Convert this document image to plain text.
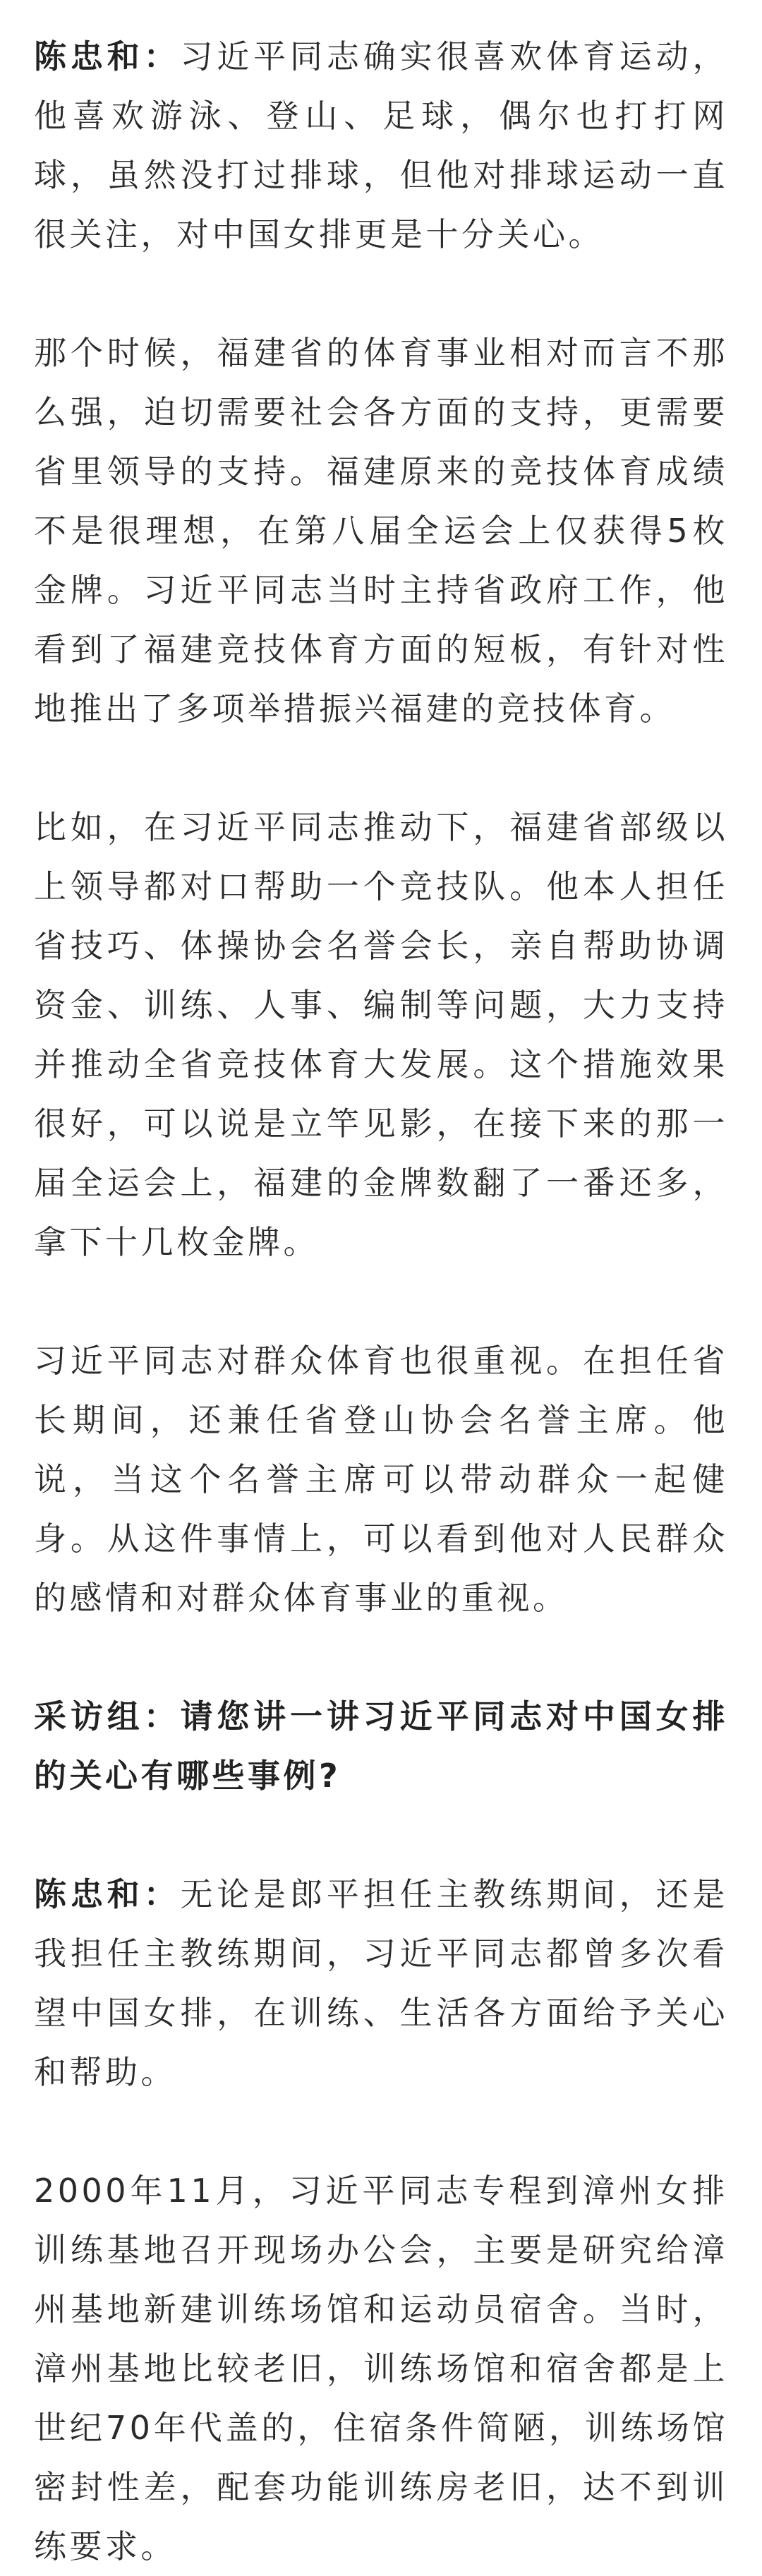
陈忠和：习近平同志确实很喜欢体育运动，他喜欢游泳、登山、足球，偶尔也打打网球，虽然没打过排球，但他对排球运动一直很关注，对中国女排更是十分关心。

那个时候，福建省的体育事业相对而言不那么强，迫切需要社会各方面的支持，更需要省里领导的支持。福建原来的竞技体育成绩不是很理想，在第八届全运会上仅获得5枚金牌。习近平同志当时主持省政府工作，他看到了福建竞技体育方面的短板，有针对性地推出了多项举措振兴福建的竞技体育。

比如，在习近平同志推动下，福建省部级以上领导都对口帮助一个竞技队。他本人担任省技巧、体操协会名誉会长，亲自帮助协调资金、训练、人事、编制等问题，大力支持并推动全省竞技体育大发展。这个措施效果很好，可以说是立竿见影，在接下来的那一届全运会上，福建的金牌数翻了一番还多，拿下十几枚金牌。

习近平同志对群众体育也很重视。在担任省长期间，还兼任省登山协会名誉主席。他说，当这个名誉主席可以带动群众一起健身。从这件事情上，可以看到他对人民群众的感情和对群众体育事业的重视。

采访组：请您讲一讲习近平同志对中国女排的关心有哪些事例?

陈忠和：无论是郎平担任主教练期间，还是我担任主教练期间，习近平同志都曾多次看望中国女排，在训练、生活各方面给予关心和帮助。

2000年11月，习近平同志专程到漳州女排训练基地召开现场办公会，主要是研究给漳州基地新建训练场馆和运动员宿舍。当时，漳州基地比较老旧，训练场馆和宿舍都是上世纪70年代盖的，住宿条件简陋，训练场馆密封性差，配套功能训练房老旧，达不到训练要求。
